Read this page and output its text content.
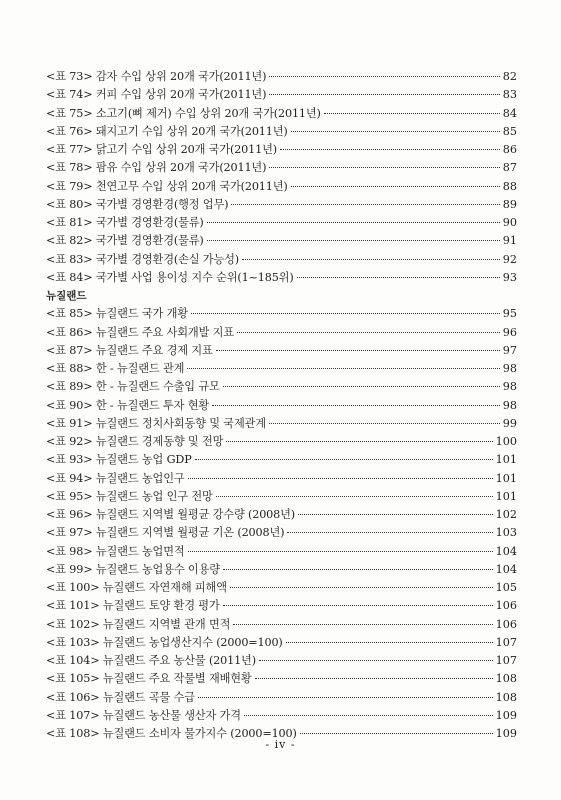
<표 73> 감자 수입 상위 20개 국가(2011년)	82
<표 74> 커피 수입 상위 20개 국가(2011년)	83
<표 75> 소고기(뼈 제거) 수입 상위 20개 국가(2011년)	84
<표 76> 돼지고기 수입 상위 20개 국가(2011년)	85
<표 77> 닭고기 수입 상위 20개 국가(2011년)	86
<표 78> 팜유 수입 상위 20개 국가(2011년)	87
<표 79> 천연고무 수입 상위 20개 국가(2011년)	88
<표 80> 국가별 경영환경(행정 업무)	89
<표 81> 국가별 경영환경(물류)	90
<표 82> 국가별 경영환경(물류)	91
<표 83> 국가별 경영환경(손실 가능성)	92
<표 84> 국가별 사업 용이성 지수 순위(1~185위)	93
뉴질랜드
<표 85> 뉴질랜드 국가 개황	95
<표 86> 뉴질랜드 주요 사회개발 지표	96
<표 87> 뉴질랜드 주요 경제 지표	97
<표 88> 한 - 뉴질랜드 관계	98
<표 89> 한 - 뉴질랜드 수출입 규모	98
<표 90> 한 - 뉴질랜드 투자 현황	98
<표 91> 뉴질랜드 정치사회동향 및 국제관계	99
<표 92> 뉴질랜드 경제동향 및 전망	100
<표 93> 뉴질랜드 농업 GDP	101
<표 94> 뉴질랜드 농업인구	101
<표 95> 뉴질랜드 농업 인구 전망	101
<표 96> 뉴질랜드 지역별 월평균 강수량 (2008년)	102
<표 97> 뉴질랜드 지역별 월평균 기온 (2008년)	103
<표 98> 뉴질랜드 농업면적	104
<표 99> 뉴질랜드 농업용수 이용량	104
<표 100> 뉴질랜드 자연재해 피해액	105
<표 101> 뉴질랜드 토양 환경 평가	106
<표 102> 뉴질랜드 지역별 관개 면적	106
<표 103> 뉴질랜드 농업생산지수 (2000=100)	107
<표 104> 뉴질랜드 주요 농산물 (2011년)	107
<표 105> 뉴질랜드 주요 작물별 재배현황	108
<표 106> 뉴질랜드 곡물 수급	108
<표 107> 뉴질랜드 농산물 생산자 가격	109
<표 108> 뉴질랜드 소비자 물가지수 (2000=100)	109
- iv -
